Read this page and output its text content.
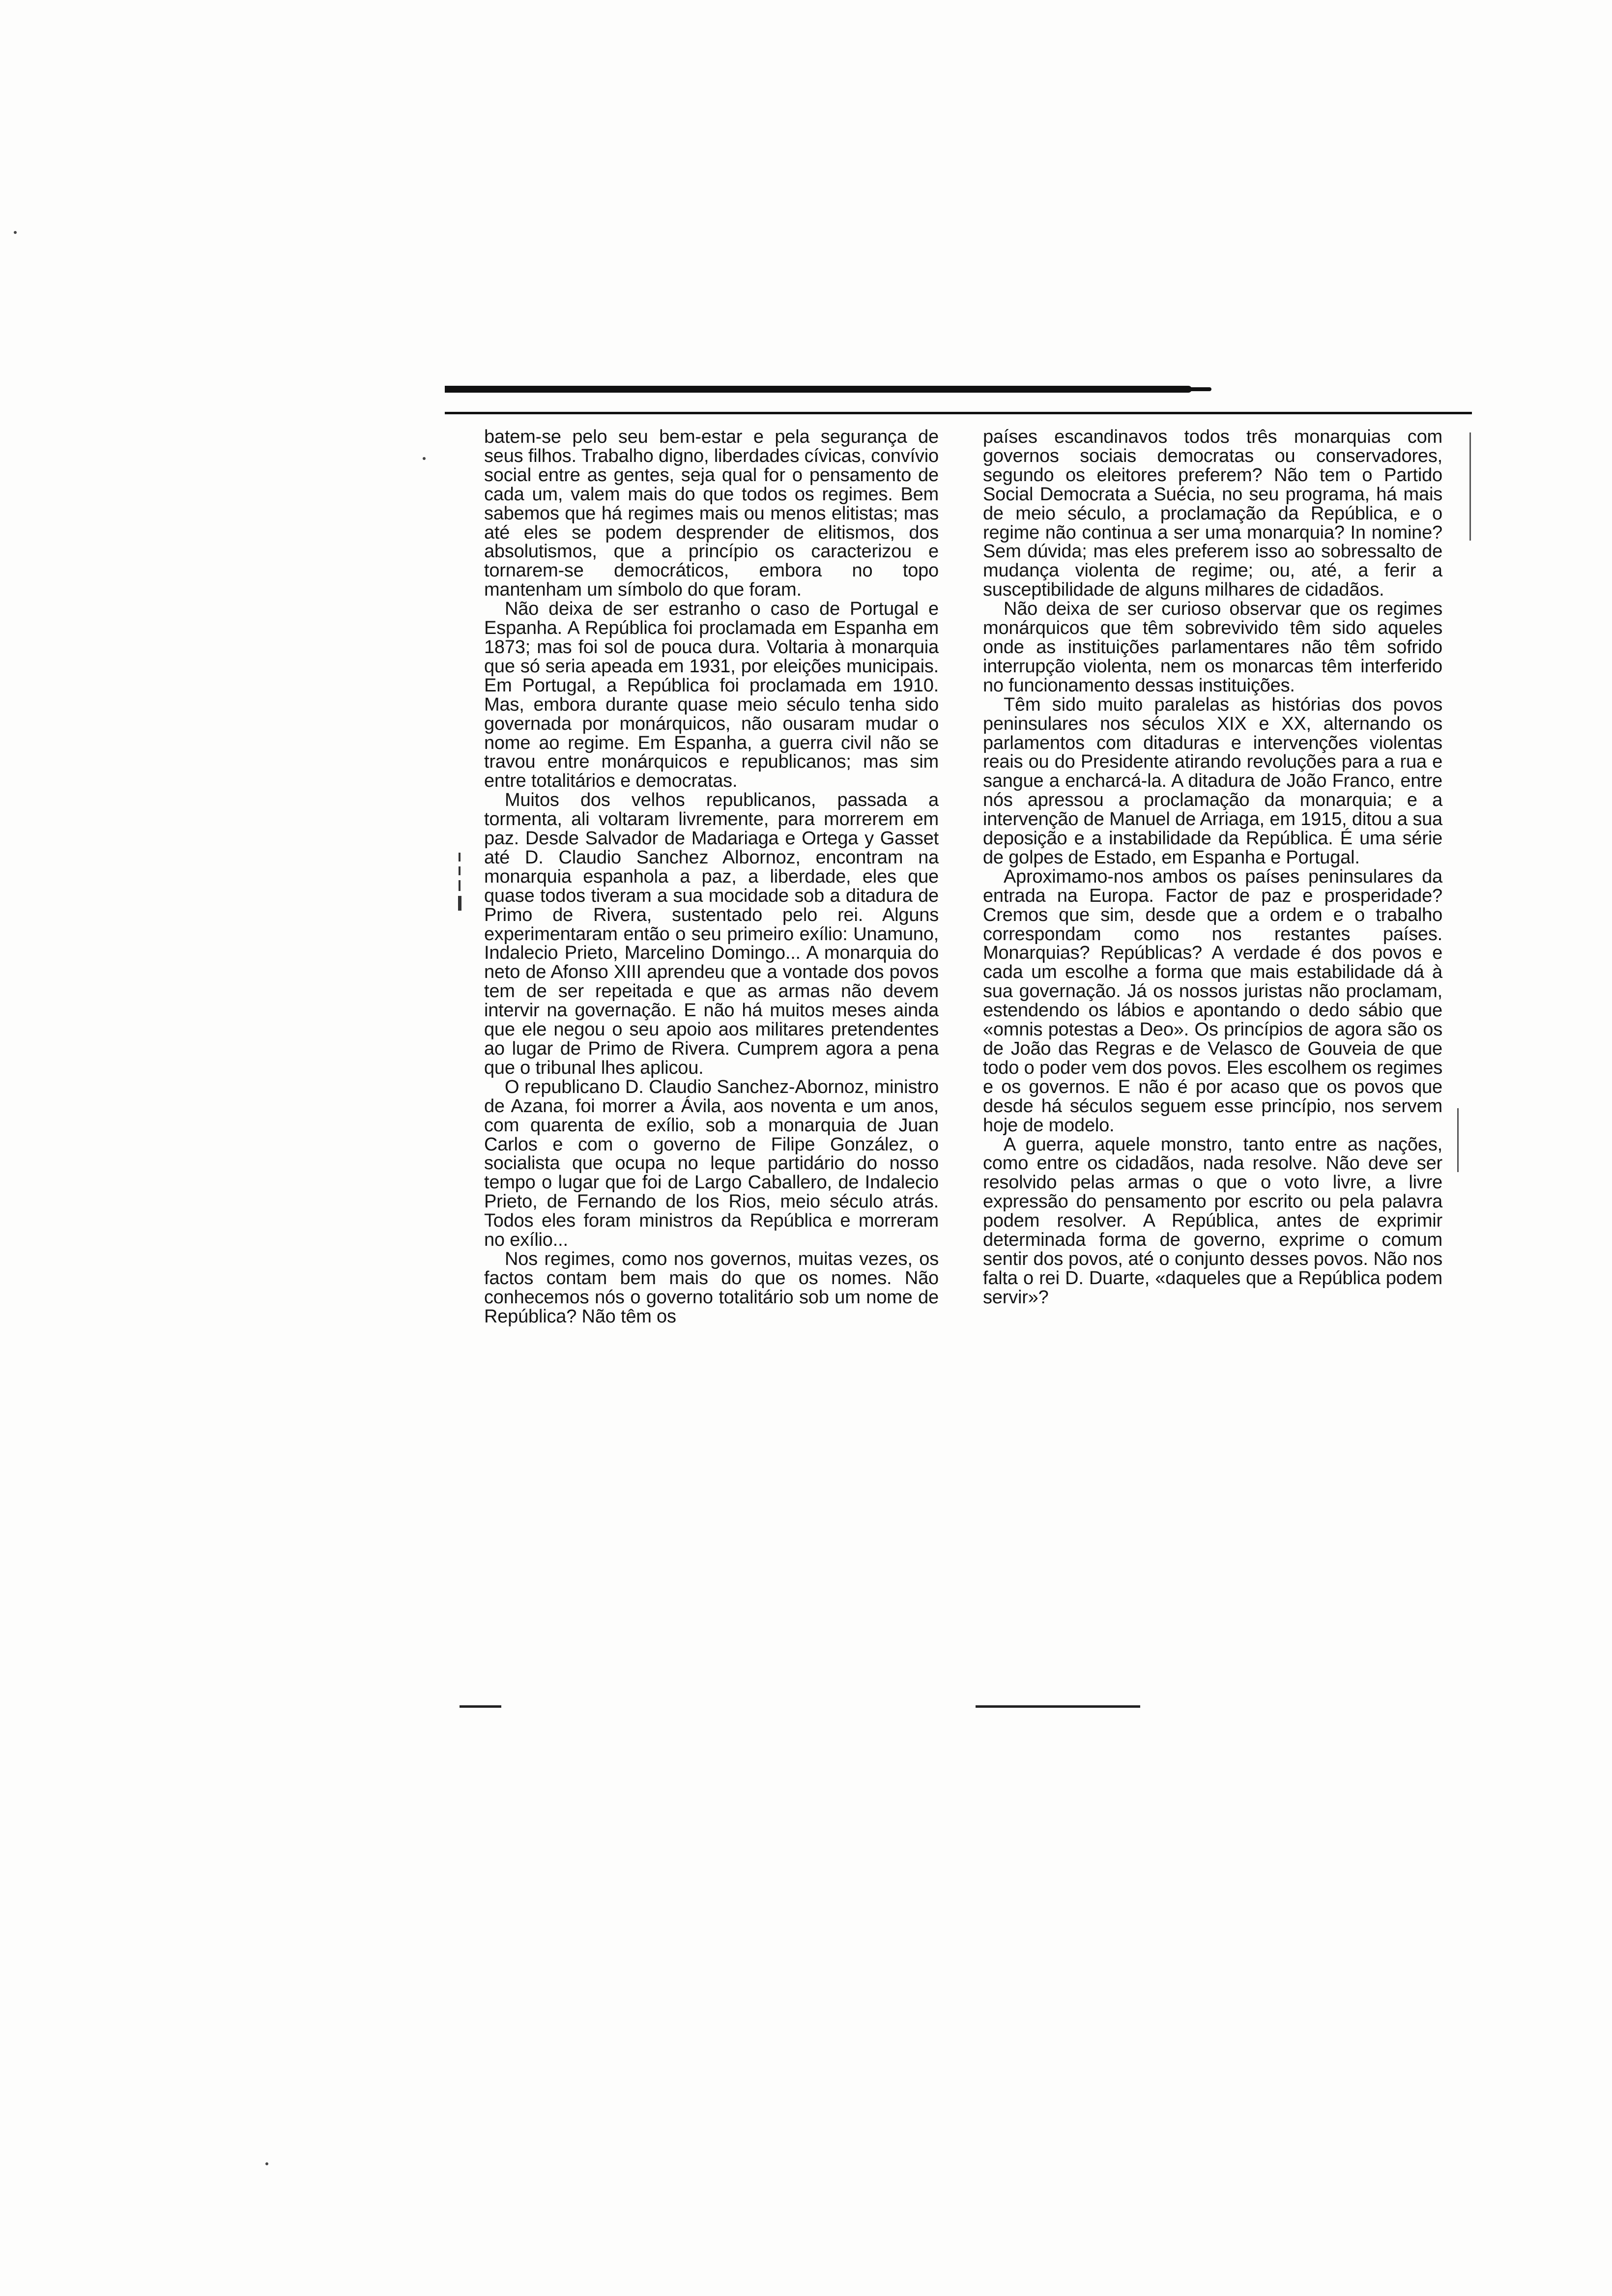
batem-se pelo seu bem-estar e pela segurança de seus filhos. Trabalho digno, liberdades cívicas, convívio social entre as gentes, seja qual for o pensamento de cada um, valem mais do que todos os regimes. Bem sabemos que há regimes mais ou menos elitistas; mas até eles se podem desprender de elitismos, dos absolutismos, que a princípio os caracterizou e tornarem-se democráticos, embora no topo mantenham um símbolo do que foram.

Não deixa de ser estranho o caso de Portugal e Espanha. A República foi proclamada em Espanha em 1873; mas foi sol de pouca dura. Voltaria à monarquia que só seria apeada em 1931, por eleições municipais. Em Portugal, a República foi proclamada em 1910. Mas, embora durante quase meio século tenha sido governada por monárquicos, não ousaram mudar o nome ao regime. Em Espanha, a guerra civil não se travou entre monárquicos e republicanos; mas sim entre totalitários e democratas.

Muitos dos velhos republicanos, passada a tormenta, ali voltaram livremente, para morrerem em paz. Desde Salvador de Madariaga e Ortega y Gasset até D. Claudio Sanchez Albornoz, encontram na monarquia espanhola a paz, a liberdade, eles que quase todos tiveram a sua mocidade sob a ditadura de Primo de Rivera, sustentado pelo rei. Alguns experimentaram então o seu primeiro exílio: Unamuno, Indalecio Prieto, Marcelino Domingo... A monarquia do neto de Afonso XIII aprendeu que a vontade dos povos tem de ser repeitada e que as armas não devem intervir na governação. E não há muitos meses ainda que ele negou o seu apoio aos militares pretendentes ao lugar de Primo de Rivera. Cumprem agora a pena que o tribunal lhes aplicou.

O republicano D. Claudio Sanchez-Abornoz, ministro de Azana, foi morrer a Ávila, aos noventa e um anos, com quarenta de exílio, sob a monarquia de Juan Carlos e com o governo de Filipe González, o socialista que ocupa no leque partidário do nosso tempo o lugar que foi de Largo Caballero, de Indalecio Prieto, de Fernando de los Rios, meio século atrás. Todos eles foram ministros da República e morreram no exílio...

Nos regimes, como nos governos, muitas vezes, os factos contam bem mais do que os nomes. Não conhecemos nós o governo totalitário sob um nome de República? Não têm os

países escandinavos todos três monarquias com governos sociais democratas ou conservadores, segundo os eleitores preferem? Não tem o Partido Social Democrata a Suécia, no seu programa, há mais de meio século, a proclamação da República, e o regime não continua a ser uma monarquia? In nomine? Sem dúvida; mas eles preferem isso ao sobressalto de mudança violenta de regime; ou, até, a ferir a susceptibilidade de alguns milhares de cidadãos.

Não deixa de ser curioso observar que os regimes monárquicos que têm sobrevivido têm sido aqueles onde as instituições parlamentares não têm sofrido interrupção violenta, nem os monarcas têm interferido no funcionamento dessas instituições.

Têm sido muito paralelas as histórias dos povos peninsulares nos séculos XIX e XX, alternando os parlamentos com ditaduras e intervenções violentas reais ou do Presidente atirando revoluções para a rua e sangue a encharcá-la. A ditadura de João Franco, entre nós apressou a proclamação da monarquia; e a intervenção de Manuel de Arriaga, em 1915, ditou a sua deposição e a instabilidade da República. É uma série de golpes de Estado, em Espanha e Portugal.

Aproximamo-nos ambos os países peninsulares da entrada na Europa. Factor de paz e prosperidade? Cremos que sim, desde que a ordem e o trabalho correspondam como nos restantes países. Monarquias? Repúblicas? A verdade é dos povos e cada um escolhe a forma que mais estabilidade dá à sua governação. Já os nossos juristas não proclamam, estendendo os lábios e apontando o dedo sábio que «omnis potestas a Deo». Os princípios de agora são os de João das Regras e de Velasco de Gouveia de que todo o poder vem dos povos. Eles escolhem os regimes e os governos. E não é por acaso que os povos que desde há séculos seguem esse princípio, nos servem hoje de modelo.

A guerra, aquele monstro, tanto entre as nações, como entre os cidadãos, nada resolve. Não deve ser resolvido pelas armas o que o voto livre, a livre expressão do pensamento por escrito ou pela palavra podem resolver. A República, antes de exprimir determinada forma de governo, exprime o comum sentir dos povos, até o conjunto desses povos. Não nos falta o rei D. Duarte, «daqueles que a República podem servir»?
